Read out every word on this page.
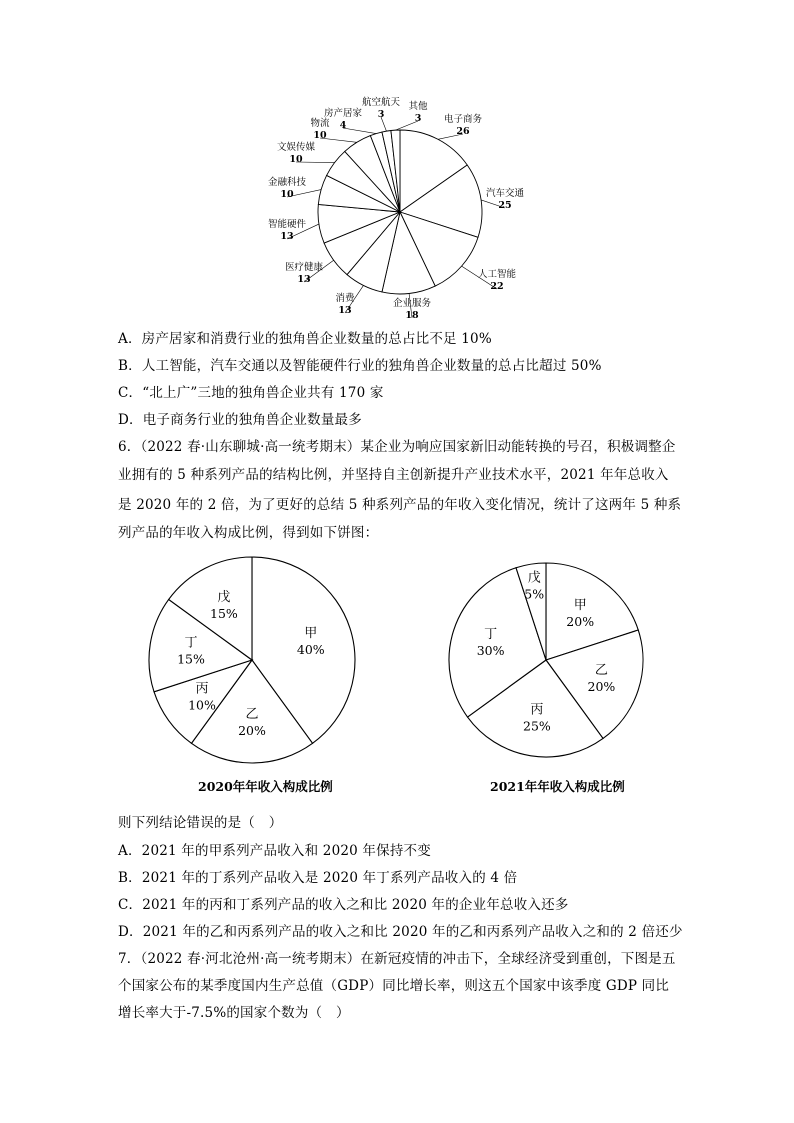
电子商务
26
汽车交通
25
人工智能
22
企业服务
18
消费
13
医疗健康
13
智能硬件
13
金融科技
10
文娱传媒
10
物流
10
房产居家
4
航空航天
3
其他
3
甲
40%
乙
20%
丙
10%
丁
15%
戊
15%
甲
20%
乙
20%
丙
25%
丁
30%
戊
5%
A．房产居家和消费行业的独角兽企业数量的总占比不足 10%
B．人工智能，汽车交通以及智能硬件行业的独角兽企业数量的总占比超过 50%
C．“北上广”三地的独角兽企业共有 170 家
D．电子商务行业的独角兽企业数量最多
6．（2022 春·山东聊城·高一统考期末）某企业为响应国家新旧动能转换的号召，积极调整企
业拥有的 5 种系列产品的结构比例，并坚持自主创新提升产业技术水平，2021 年年总收入
是 2020 年的 2 倍，为了更好的总结 5 种系列产品的年收入变化情况，统计了这两年 5 种系
列产品的年收入构成比例，得到如下饼图：
2020年年收入构成比例	2021年年收入构成比例
则下列结论错误的是（　）
A．2021 年的甲系列产品收入和 2020 年保持不变
B．2021 年的丁系列产品收入是 2020 年丁系列产品收入的 4 倍
C．2021 年的丙和丁系列产品的收入之和比 2020 年的企业年总收入还多
D．2021 年的乙和丙系列产品的收入之和比 2020 年的乙和丙系列产品收入之和的 2 倍还少
7．（2022 春·河北沧州·高一统考期末）在新冠疫情的冲击下，全球经济受到重创，下图是五
个国家公布的某季度国内生产总值（GDP）同比增长率，则这五个国家中该季度 GDP 同比
增长率大于-7.5%的国家个数为（　）
